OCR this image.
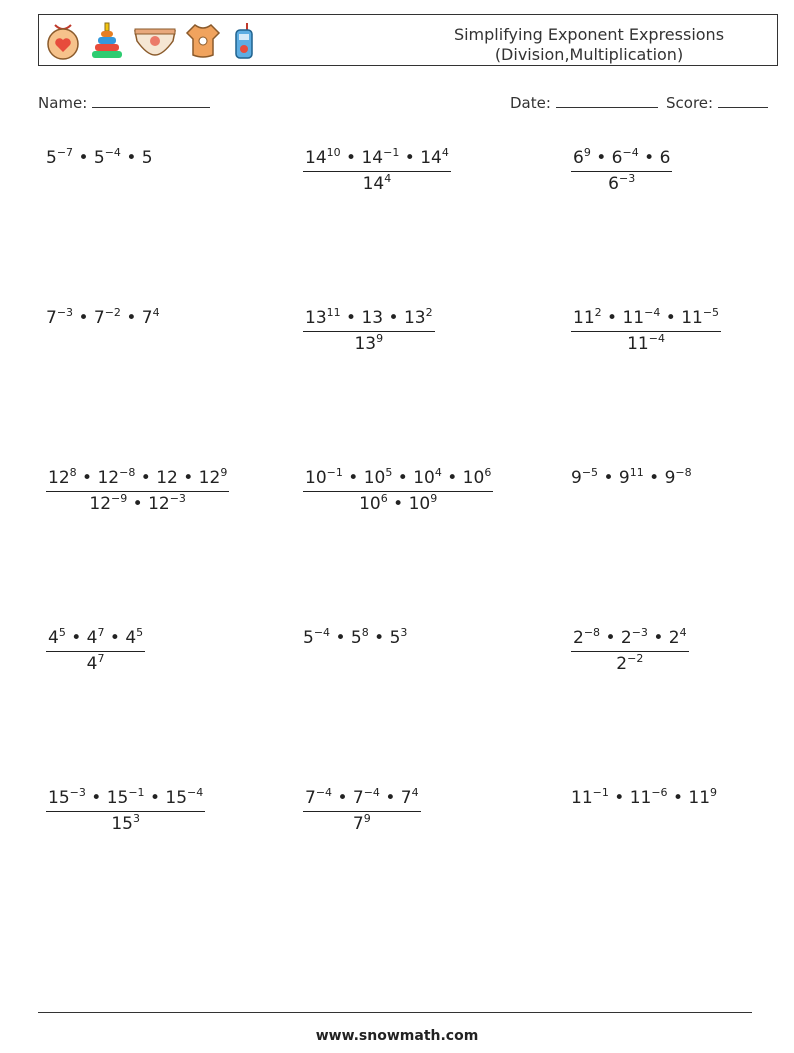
Simplifying Exponent Expressions
(Division,Multiplication)
Name:	Date:	Score:
$5^{-7}$ • $5^{-4}$ • 5	$\frac{14^{10} • 14^{-1} • 14^4}{14^4}$	$\frac{6^9 • 6^{-4} • 6}{6^{-3}}$
$7^{-3}$ • $7^{-2}$ • $7^4$	$\frac{13^{11} • 13 • 13^2}{13^9}$	$\frac{11^2 • 11^{-4} • 11^{-5}}{11^{-4}}$
$\frac{12^8 • 12^{-8} • 12 • 12^9}{12^{-9} • 12^{-3}}$	$\frac{10^{-1} • 10^5 • 10^4 • 10^6}{10^6 • 10^9}$	$9^{-5}$ • $9^{11}$ • $9^{-8}$
$\frac{4^5 • 4^7 • 4^5}{4^7}$	$5^{-4}$ • $5^8$ • $5^3$	$\frac{2^{-8} • 2^{-3} • 2^4}{2^{-2}}$
$\frac{15^{-3} • 15^{-1} • 15^{-4}}{15^3}$	$\frac{7^{-4} • 7^{-4} • 7^4}{7^9}$	$11^{-1}$ • $11^{-6}$ • $11^9$
www.snowmath.com
